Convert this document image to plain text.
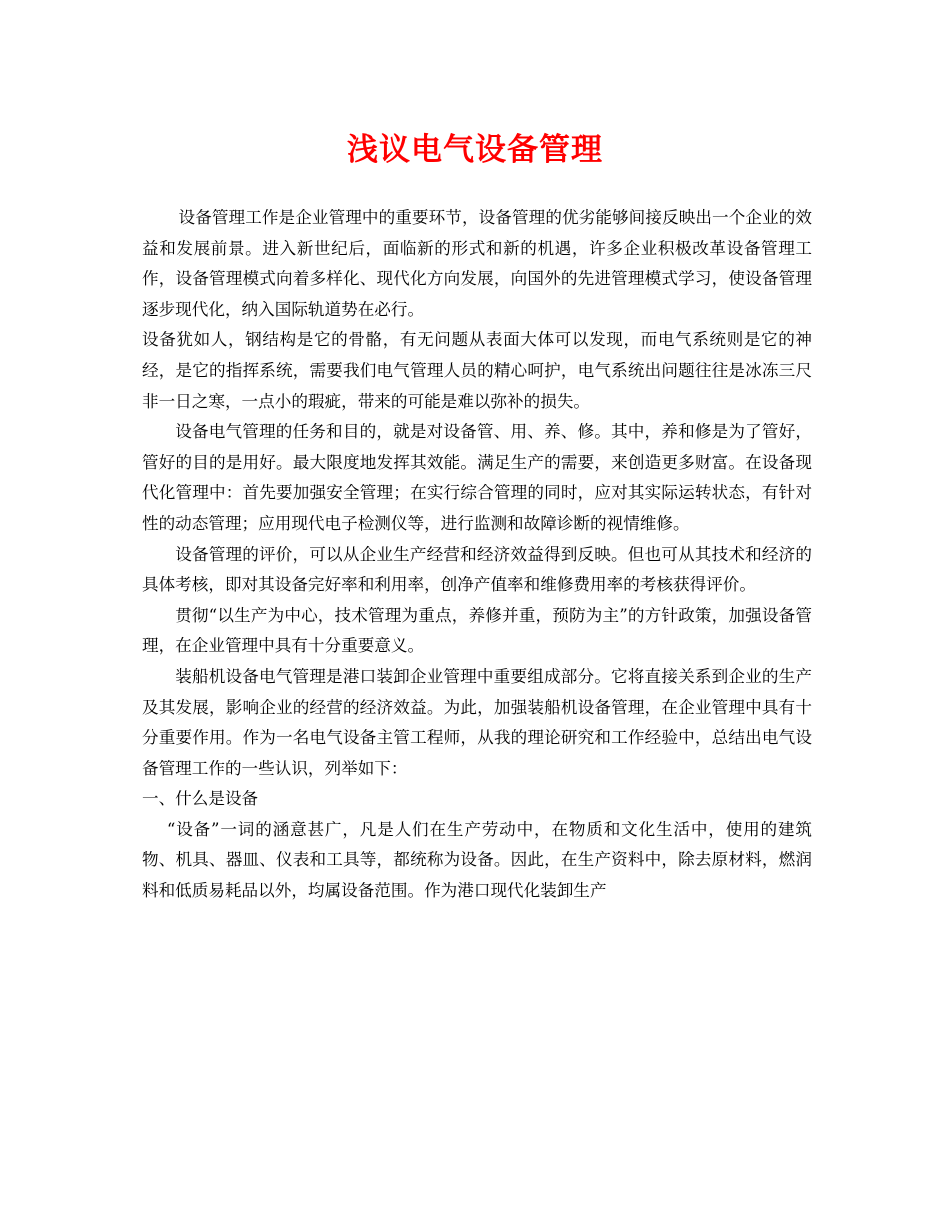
浅议电气设备管理

设备管理工作是企业管理中的重要环节，设备管理的优劣能够间接反映出一个企业的效益和发展前景。进入新世纪后，面临新的形式和新的机遇，许多企业积极改革设备管理工作，设备管理模式向着多样化、现代化方向发展，向国外的先进管理模式学习，使设备管理逐步现代化，纳入国际轨道势在必行。

设备犹如人，钢结构是它的骨骼，有无问题从表面大体可以发现，而电气系统则是它的神经，是它的指挥系统，需要我们电气管理人员的精心呵护，电气系统出问题往往是冰冻三尺非一日之寒，一点小的瑕疵，带来的可能是难以弥补的损失。

设备电气管理的任务和目的，就是对设备管、用、养、修。其中，养和修是为了管好，管好的目的是用好。最大限度地发挥其效能。满足生产的需要，来创造更多财富。在设备现代化管理中：首先要加强安全管理；在实行综合管理的同时，应对其实际运转状态，有针对性的动态管理；应用现代电子检测仪等，进行监测和故障诊断的视情维修。

设备管理的评价，可以从企业生产经营和经济效益得到反映。但也可从其技术和经济的具体考核，即对其设备完好率和利用率，创净产值率和维修费用率的考核获得评价。

贯彻“以生产为中心，技术管理为重点，养修并重，预防为主”的方针政策，加强设备管理，在企业管理中具有十分重要意义。

装船机设备电气管理是港口装卸企业管理中重要组成部分。它将直接关系到企业的生产及其发展，影响企业的经营的经济效益。为此，加强装船机设备管理，在企业管理中具有十分重要作用。作为一名电气设备主管工程师，从我的理论研究和工作经验中，总结出电气设备管理工作的一些认识，列举如下：

一、什么是设备

“设备”一词的涵意甚广，凡是人们在生产劳动中，在物质和文化生活中，使用的建筑物、机具、器皿、仪表和工具等，都统称为设备。因此，在生产资料中，除去原材料，燃润料和低质易耗品以外，均属设备范围。作为港口现代化装卸生产
